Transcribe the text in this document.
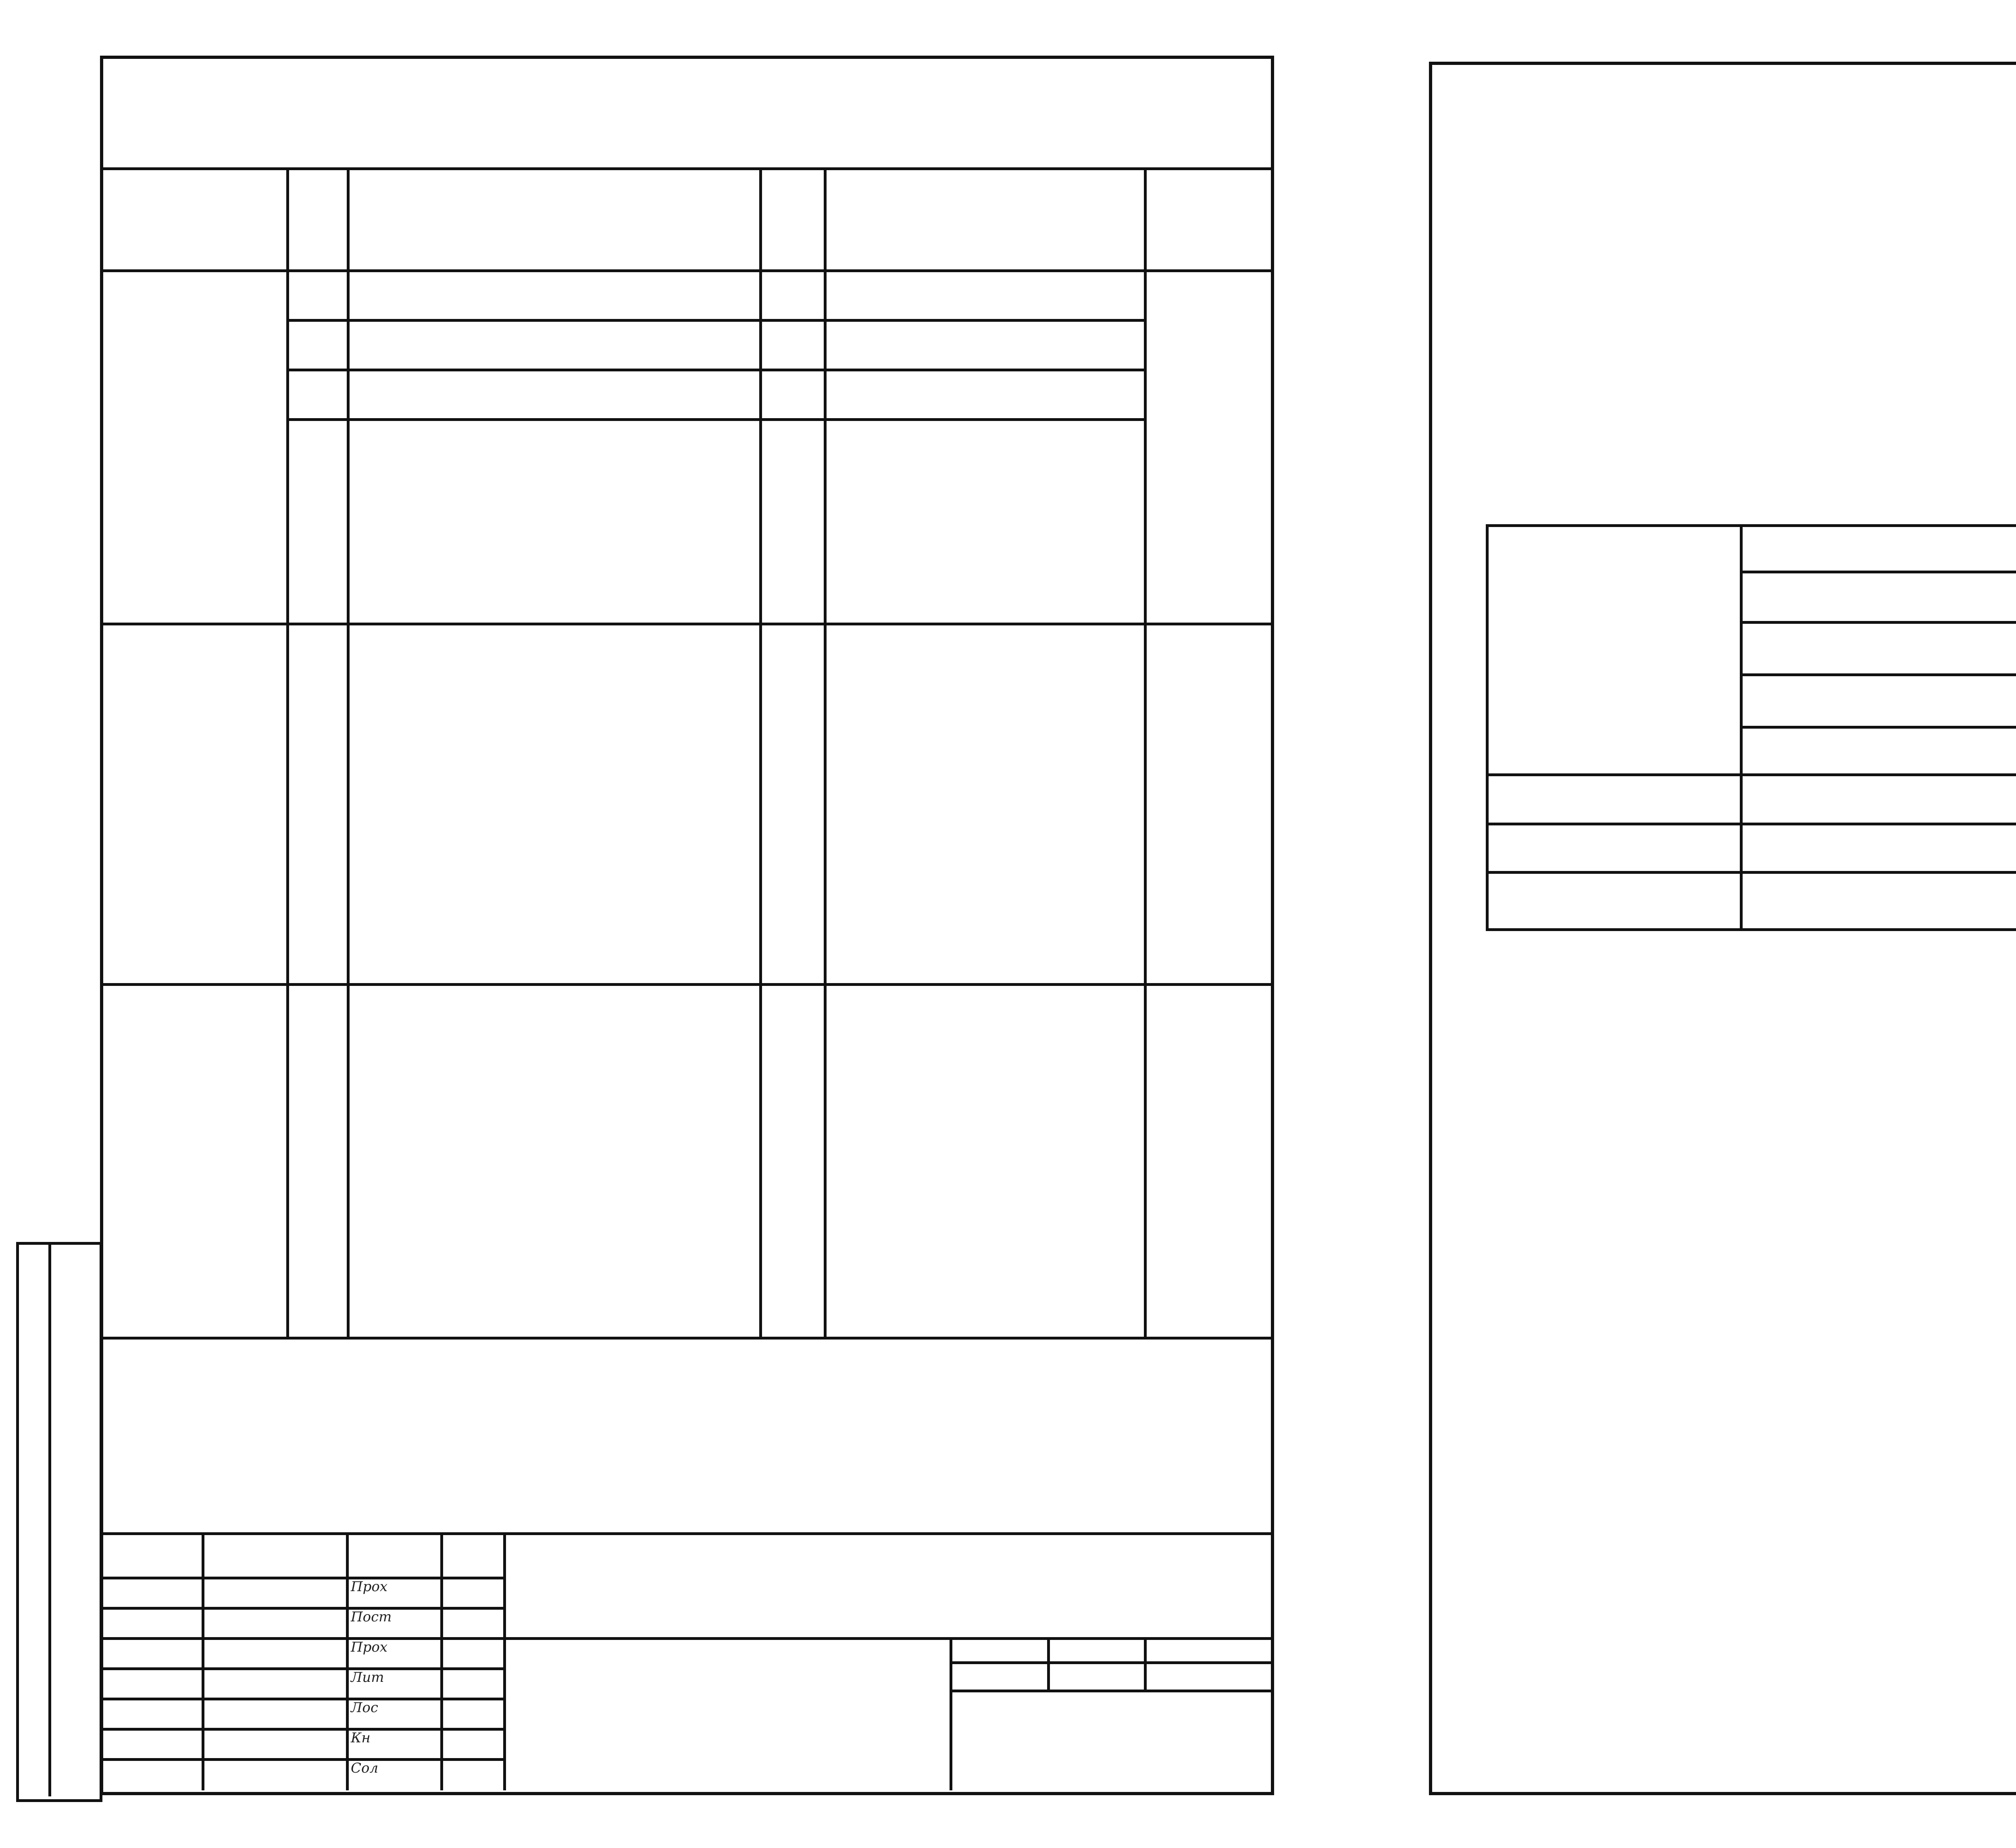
Прох
Пост
Прох
Лит
Лос
Кн
Сол
